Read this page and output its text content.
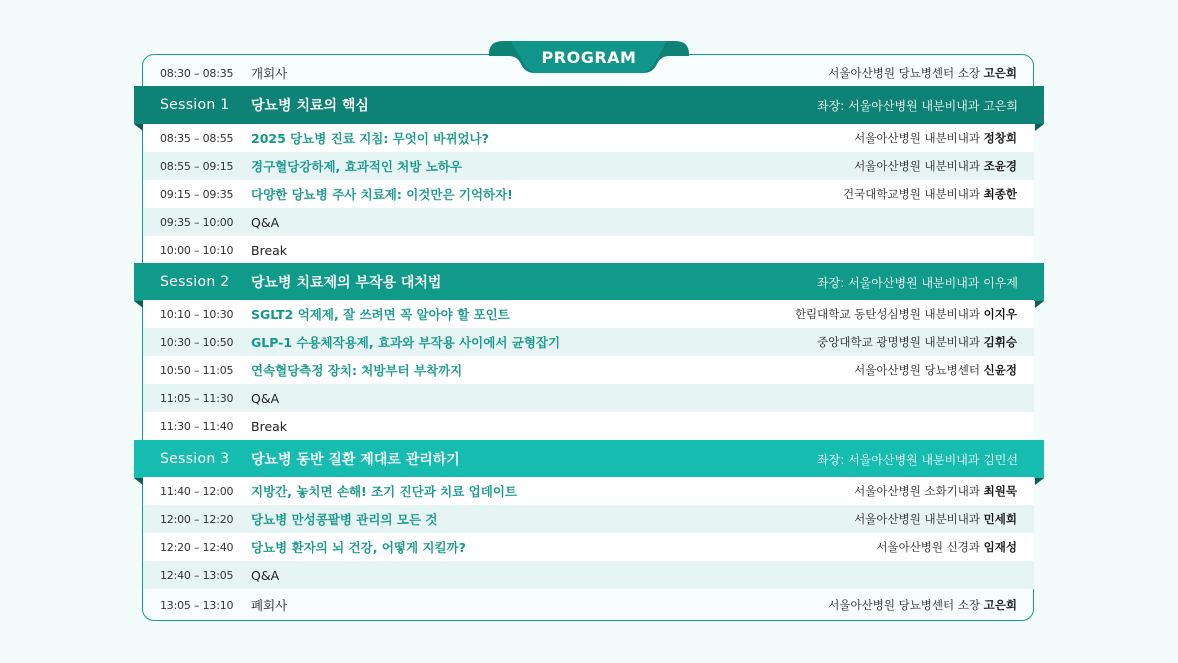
PROGRAM
08:30 – 08:35 개회사	서울아산병원 당뇨병센터 소장 고은희
Session 1 당뇨병 치료의 핵심	좌장: 서울아산병원 내분비내과 고은희
08:35 – 08:55 2025 당뇨병 진료 지침: 무엇이 바뀌었나?	서울아산병원 내분비내과 정창희
08:55 – 09:15 경구혈당강하제, 효과적인 처방 노하우	서울아산병원 내분비내과 조윤경
09:15 – 09:35 다양한 당뇨병 주사 치료제: 이것만은 기억하자!	건국대학교병원 내분비내과 최종한
09:35 – 10:00 Q&A
10:00 – 10:10 Break
Session 2 당뇨병 치료제의 부작용 대처법	좌장: 서울아산병원 내분비내과 이우제
10:10 – 10:30 SGLT2 억제제, 잘 쓰려면 꼭 알아야 할 포인트	한림대학교 동탄성심병원 내분비내과 이지우
10:30 – 10:50 GLP-1 수용체작용제, 효과와 부작용 사이에서 균형잡기	중앙대학교 광명병원 내분비내과 김휘승
10:50 – 11:05 연속혈당측정 장치: 처방부터 부착까지	서울아산병원 당뇨병센터 신윤정
11:05 – 11:30 Q&A
11:30 – 11:40 Break
Session 3 당뇨병 동반 질환 제대로 관리하기	좌장: 서울아산병원 내분비내과 김민선
11:40 – 12:00 지방간, 놓치면 손해! 조기 진단과 치료 업데이트	서울아산병원 소화기내과 최원묵
12:00 – 12:20 당뇨병 만성콩팥병 관리의 모든 것	서울아산병원 내분비내과 민세희
12:20 – 12:40 당뇨병 환자의 뇌 건강, 어떻게 지킬까?	서울아산병원 신경과 임재성
12:40 – 13:05 Q&A
13:05 – 13:10 폐회사	서울아산병원 당뇨병센터 소장 고은희
